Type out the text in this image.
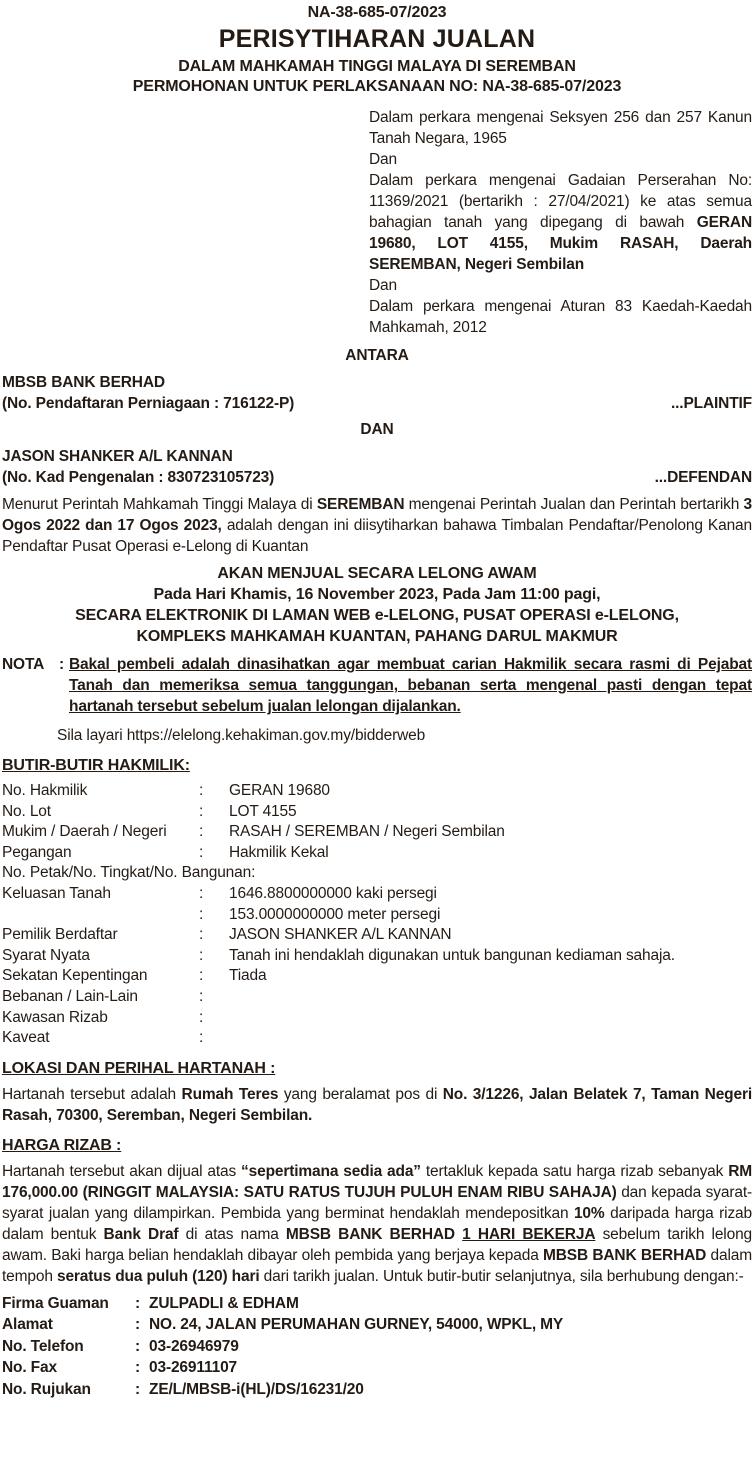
NA-38-685-07/2023
PERISYTIHARAN JUALAN
DALAM MAHKAMAH TINGGI MALAYA DI SEREMBAN
PERMOHONAN UNTUK PERLAKSANAAN NO: NA-38-685-07/2023
Dalam perkara mengenai Seksyen 256 dan 257 Kanun Tanah Negara, 1965
Dan
Dalam perkara mengenai Gadaian Perserahan No: 11369/2021 (bertarikh : 27/04/2021) ke atas semua bahagian tanah yang dipegang di bawah GERAN 19680, LOT 4155, Mukim RASAH, Daerah SEREMBAN, Negeri Sembilan
Dan
Dalam perkara mengenai Aturan 83 Kaedah-Kaedah Mahkamah, 2012
ANTARA
MBSB BANK BERHAD
(No. Pendaftaran Perniagaan : 716122-P)	...PLAINTIF
DAN
JASON SHANKER A/L KANNAN
(No. Kad Pengenalan : 830723105723)	...DEFENDAN
Menurut Perintah Mahkamah Tinggi Malaya di SEREMBAN mengenai Perintah Jualan dan Perintah bertarikh 3 Ogos 2022 dan 17 Ogos 2023, adalah dengan ini diisytiharkan bahawa Timbalan Pendaftar/Penolong Kanan Pendaftar Pusat Operasi e-Lelong di Kuantan
AKAN MENJUAL SECARA LELONG AWAM
Pada Hari Khamis, 16 November 2023, Pada Jam 11:00 pagi,
SECARA ELEKTRONIK DI LAMAN WEB e-LELONG, PUSAT OPERASI e-LELONG,
KOMPLEKS MAHKAMAH KUANTAN, PAHANG DARUL MAKMUR
NOTA : Bakal pembeli adalah dinasihatkan agar membuat carian Hakmilik secara rasmi di Pejabat Tanah dan memeriksa semua tanggungan, bebanan serta mengenal pasti dengan tepat hartanah tersebut sebelum jualan lelongan dijalankan.
Sila layari https://elelong.kehakiman.gov.my/bidderweb
BUTIR-BUTIR HAKMILIK:
No. Hakmilik	:	GERAN 19680
No. Lot	:	LOT 4155
Mukim / Daerah / Negeri	:	RASAH / SEREMBAN / Negeri Sembilan
Pegangan	:	Hakmilik Kekal
No. Petak/No. Tingkat/No. Bangunan:
Keluasan Tanah	:	1646.8800000000 kaki persegi
:	153.0000000000 meter persegi
Pemilik Berdaftar	:	JASON SHANKER A/L KANNAN
Syarat Nyata	:	Tanah ini hendaklah digunakan untuk bangunan kediaman sahaja.
Sekatan Kepentingan	:	Tiada
Bebanan / Lain-Lain	:
Kawasan Rizab	:
Kaveat	:
LOKASI DAN PERIHAL HARTANAH :
Hartanah tersebut adalah Rumah Teres yang beralamat pos di No. 3/1226, Jalan Belatek 7, Taman Negeri Rasah, 70300, Seremban, Negeri Sembilan.
HARGA RIZAB :
Hartanah tersebut akan dijual atas “sepertimana sedia ada” tertakluk kepada satu harga rizab sebanyak RM 176,000.00 (RINGGIT MALAYSIA: SATU RATUS TUJUH PULUH ENAM RIBU SAHAJA) dan kepada syarat-syarat jualan yang dilampirkan. Pembida yang berminat hendaklah mendepositkan 10% daripada harga rizab dalam bentuk Bank Draf di atas nama MBSB BANK BERHAD 1 HARI BEKERJA sebelum tarikh lelong awam. Baki harga belian hendaklah dibayar oleh pembida yang berjaya kepada MBSB BANK BERHAD dalam tempoh seratus dua puluh (120) hari dari tarikh jualan. Untuk butir-butir selanjutnya, sila berhubung dengan:-
Firma Guaman	: ZULPADLI & EDHAM
Alamat	: NO. 24, JALAN PERUMAHAN GURNEY, 54000, WPKL, MY
No. Telefon	: 03-26946979
No. Fax	: 03-26911107
No. Rujukan	: ZE/L/MBSB-i(HL)/DS/16231/20
